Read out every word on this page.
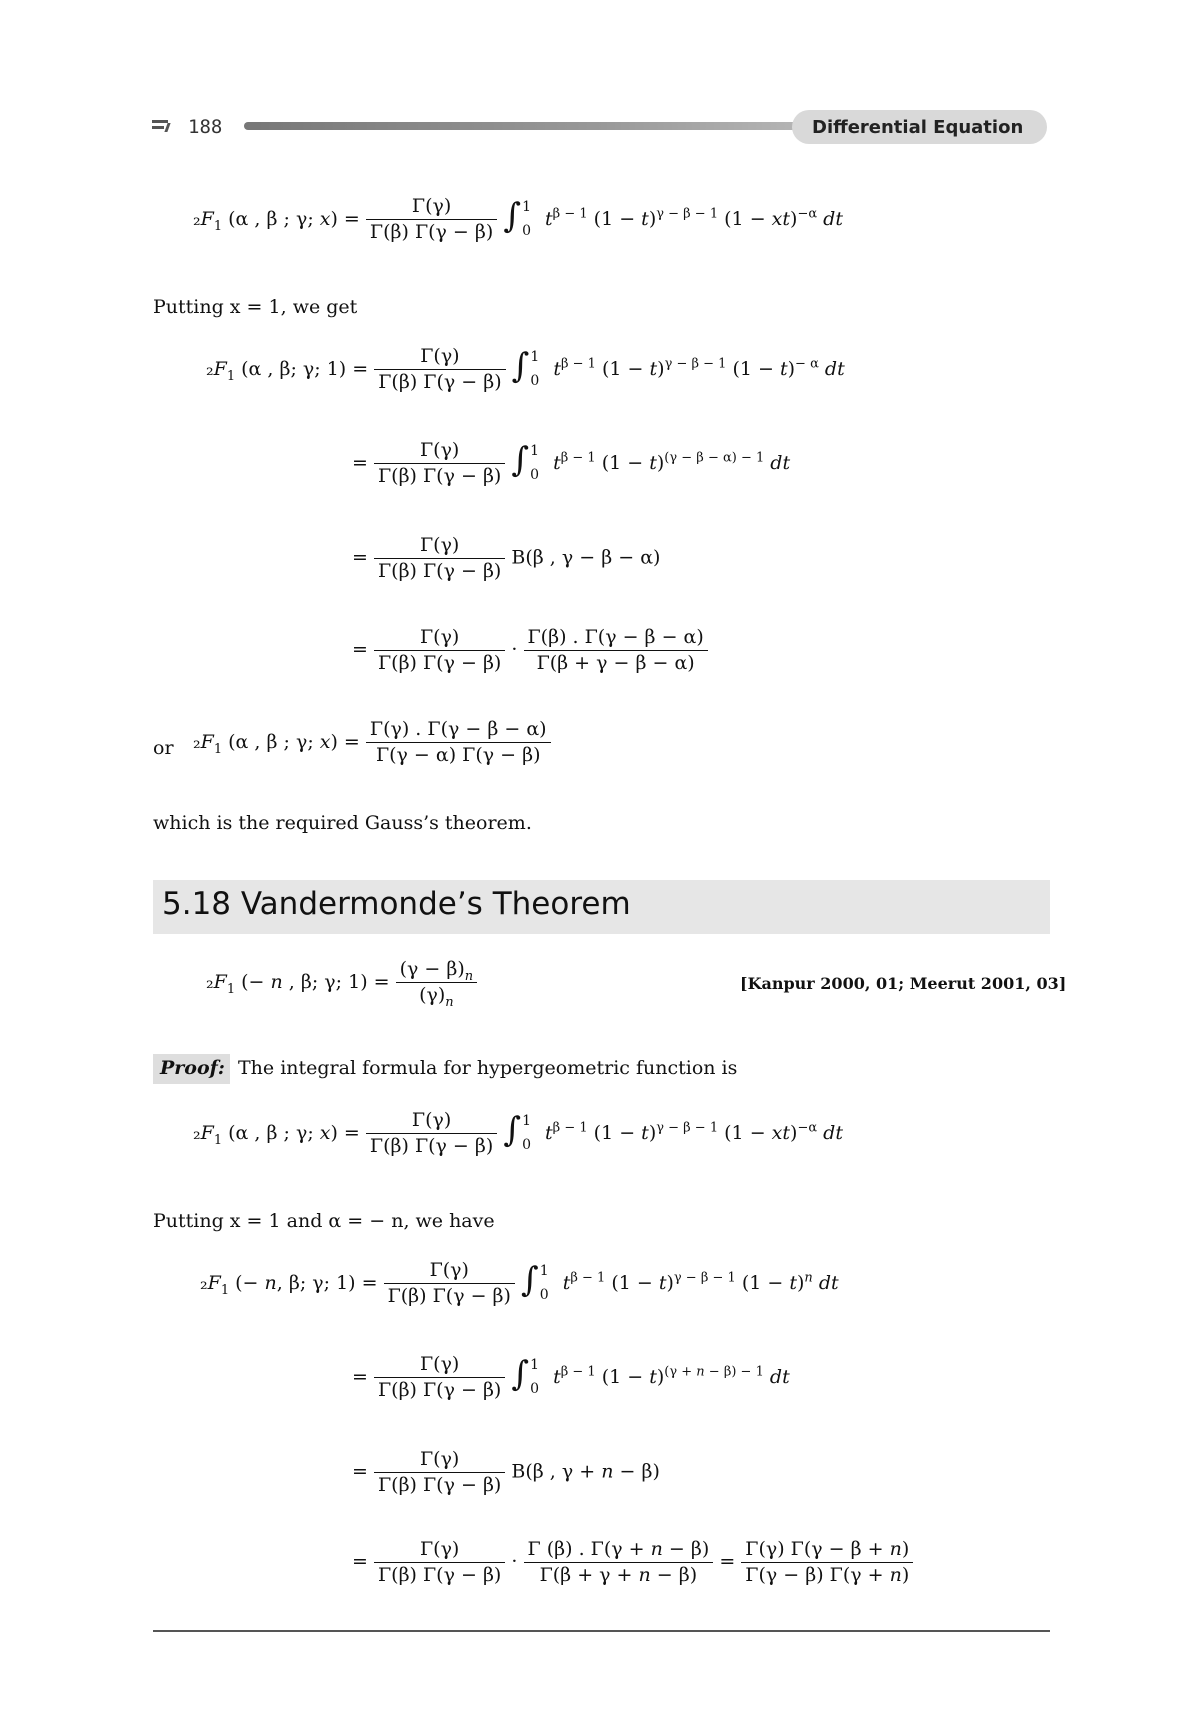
188	Differential Equation
$_2F_1$ (α , β ; γ; $x) = \frac{\Gamma(\gamma)}{\Gamma(\beta) \Gamma(\gamma - \beta)}$ ∫ 1
0
$t^{\beta - 1}$ $(1 - t)^{\gamma - \beta - 1}$ (1 − xt)$^{-\alpha}$ dt
Putting x = 1, we get
$_2F_1$ (α , β; γ; $1) = \frac{\Gamma(\gamma)}{\Gamma(\beta) \Gamma(\gamma - \beta)}$ ∫ 1
0
$t^{\beta - 1}$ $(1 - t)^{\gamma - \beta - 1}$ $(1 - t)^{- \alpha}$ dt
= $\frac{\Gamma(\gamma)}{\Gamma(\beta) \Gamma(\gamma - \beta)}$ ∫ 1
0
$t^{\beta - 1}$ $(1 - t)^{(\gamma - \beta - \alpha) - 1}$ dt
= $\frac{\Gamma(\gamma)}{\Gamma(\beta) \Gamma(\gamma - \beta)} B(\beta$ , γ − β − α)
= $\frac{\Gamma(\gamma)}{\Gamma(\beta) \Gamma(\gamma - \beta)} \cdot \frac{\Gamma(\beta) . \Gamma(\gamma - \beta - \alpha)}{\Gamma(\beta + \gamma - \beta - \alpha)}$
or $_2F_1$ (α , β ; γ; $x) = \frac{\Gamma(\gamma) . \Gamma(\gamma - \beta - \alpha)}{\Gamma(\gamma - \alpha) \Gamma(\gamma - \beta)}$
which is the required Gauss’s theorem.
5.18 Vandermonde’s Theorem
$_2F_1$ (− n , β; γ; $1) = \frac{(\gamma - \beta)_n}{(\gamma)_n}$	[Kanpur 2000, 01; Meerut 2001, 03]
Proof: The integral formula for hypergeometric function is
$_2F_1$ (α , β ; γ; $x) = \frac{\Gamma(\gamma)}{\Gamma(\beta) \Gamma(\gamma - \beta)}$ ∫ 1
0
$t^{\beta - 1}$ $(1 - t)^{\gamma - \beta - 1}$ (1 − xt)$^{-\alpha}$ dt
Putting x = 1 and α = − n, we have
$_2F_1$ (− n, β; γ; $1) = \frac{\Gamma(\gamma)}{\Gamma(\beta) \Gamma(\gamma - \beta)}$ ∫ 1
0
$t^{\beta - 1}$ $(1 - t)^{\gamma - \beta - 1}$ $(1 - t)^n$ dt
= $\frac{\Gamma(\gamma)}{\Gamma(\beta) \Gamma(\gamma - \beta)}$ ∫ 1
0
$t^{\beta - 1}$ $(1 - t)^{(\gamma + n - \beta) - 1}$ dt
= $\frac{\Gamma(\gamma)}{\Gamma(\beta) \Gamma(\gamma - \beta)} B(\beta$ , γ + n − β)
= $\frac{\Gamma(\gamma)}{\Gamma(\beta) \Gamma(\gamma - \beta)} \cdot \frac{\Gamma (\beta) . \Gamma(\gamma + n - \beta)}{\Gamma(\beta + \gamma + n - \beta)} = \frac{\Gamma(\gamma) \Gamma(\gamma - \beta + n)}{\Gamma(\gamma - \beta) \Gamma(\gamma + n)}$
